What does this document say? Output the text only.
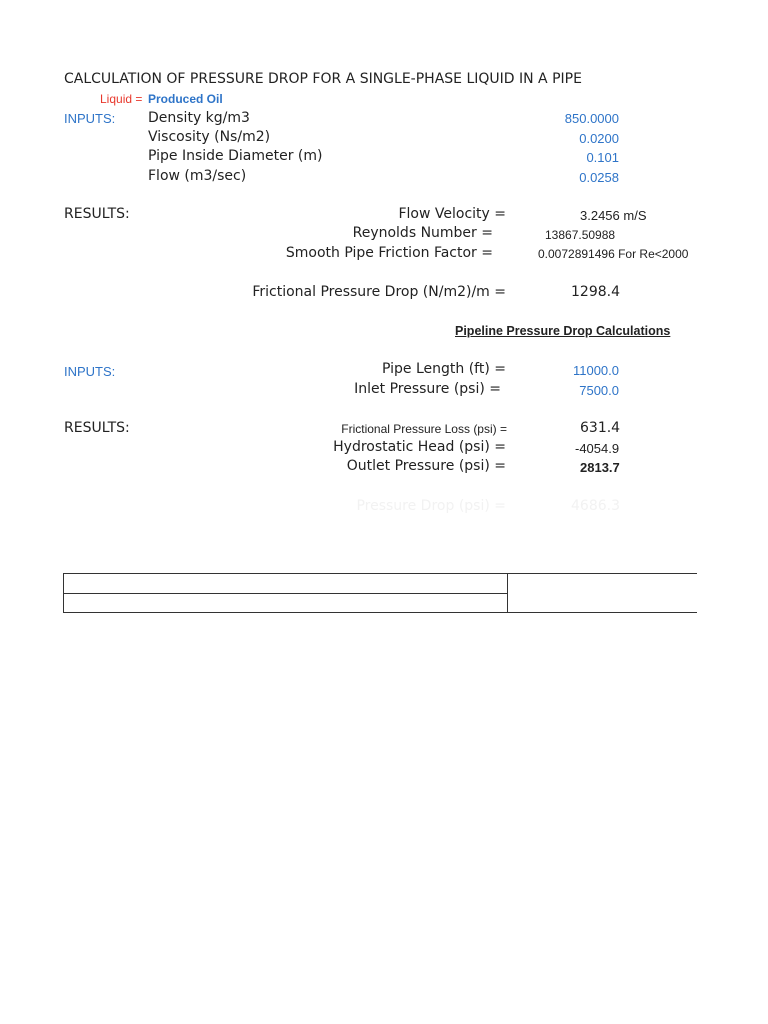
CALCULATION OF PRESSURE DROP FOR A SINGLE-PHASE LIQUID IN A PIPE
Liquid = Produced Oil
INPUTS: Density kg/m3	850.0000
Viscosity (Ns/m2)	0.0200
Pipe Inside Diameter (m)	0.101
Flow (m3/sec)	0.0258
RESULTS:	Flow Velocity =	3.2456 m/S
Reynolds Number =	13867.50988
Smooth Pipe Friction Factor =	0.0072891496 For Re<2000
Frictional Pressure Drop (N/m2)/m =	1298.4
Pipeline Pressure Drop Calculations
INPUTS:	Pipe Length (ft) =	11000.0
Inlet Pressure (psi) =	7500.0
RESULTS:	Frictional Pressure Loss (psi) =	631.4
Hydrostatic Head (psi) =	-4054.9
Outlet Pressure (psi) =	2813.7
Pressure Drop (psi) =	4686.3
